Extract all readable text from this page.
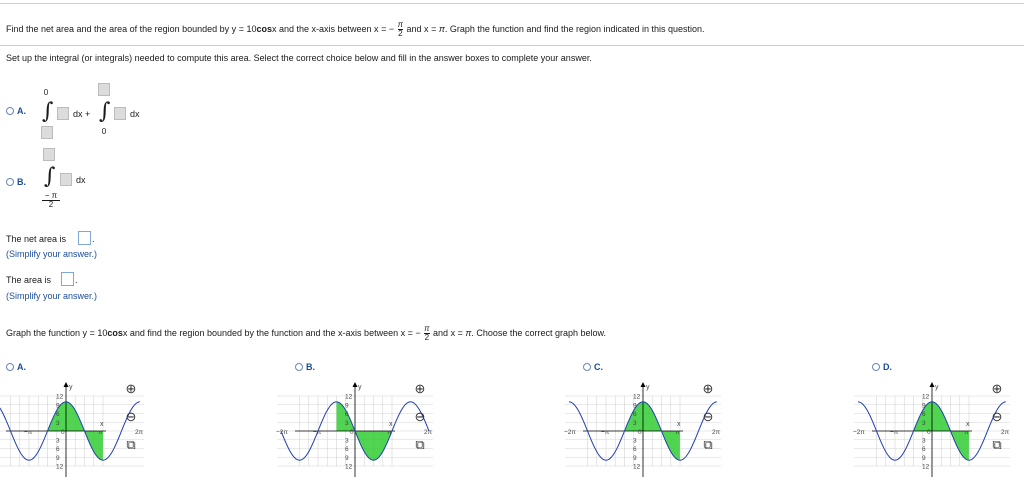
Find the net area and the area of the region bounded by y = 10cosx and the x-axis between x = − $\frac{\pi}{2}$ and x = π. Graph the function and find the region indicated in this question.
Set up the integral (or integrals) needed to compute this area. Select the correct choice below and fill in the answer boxes to complete your answer.
A.
0
∫ dx + ∫
0
dx
B. ∫ dx
$\frac{- \pi}{2}$
The net area is	.
(Simplify your answer.)
The area is	.
(Simplify your answer.)
Graph the function y = 10cosx and find the region bounded by the function and the x-axis between x = − $\frac{\pi}{2}$ and x = π. Choose the correct graph below.
A.
y
x
12
9
6
3
3
6
9
12
−π	0	π	2π
⊕
⊖
⧉
B.
y
x
12
9
6
3
3
6
9
12
−2π	−π	0	π	2π
⊕
⊖
⧉
C.
y
x
12
9
6
3
3
6
9
12
−2π	−π	0	π	2π
⊕
⊖
⧉
D.
y
x
12
9
6
3
3
6
9
12
−2π	−π	0	π	2π
⊕
⊖
⧉
